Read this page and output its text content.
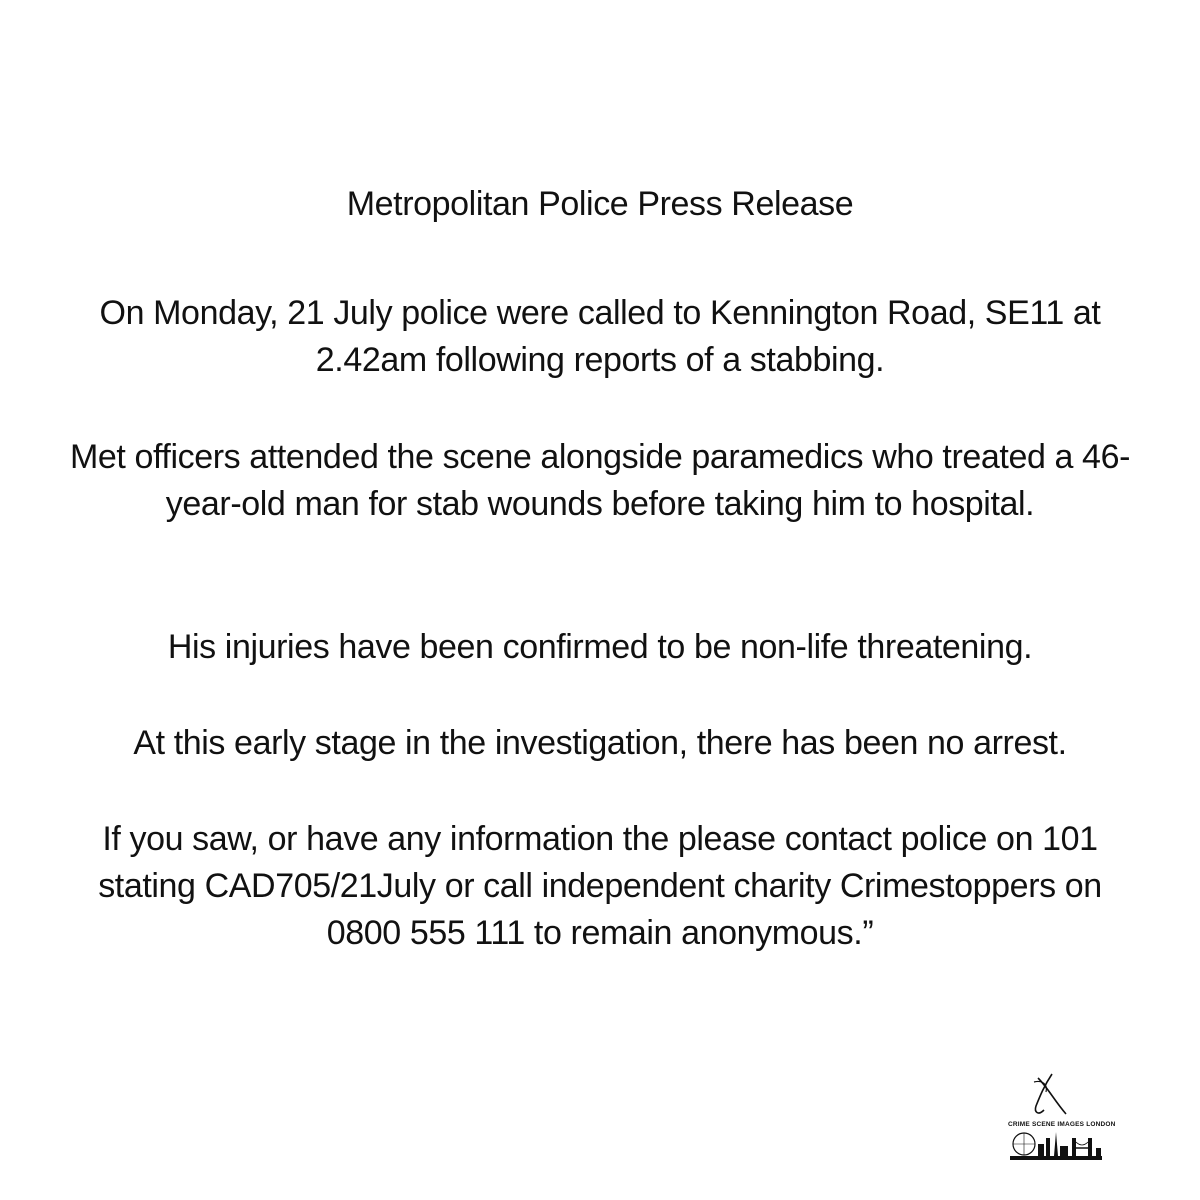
Metropolitan Police Press Release

On Monday, 21 July police were called to Kennington Road, SE11 at 2.42am following reports of a stabbing.

Met officers attended the scene alongside paramedics who treated a 46-year-old man for stab wounds before taking him to hospital.

His injuries have been confirmed to be non-life threatening.

At this early stage in the investigation, there has been no arrest.

If you saw, or have any information the please contact police on 101 stating CAD705/21July or call independent charity Crimestoppers on 0800 555 111 to remain anonymous.”

CRIME SCENE IMAGES LONDON
